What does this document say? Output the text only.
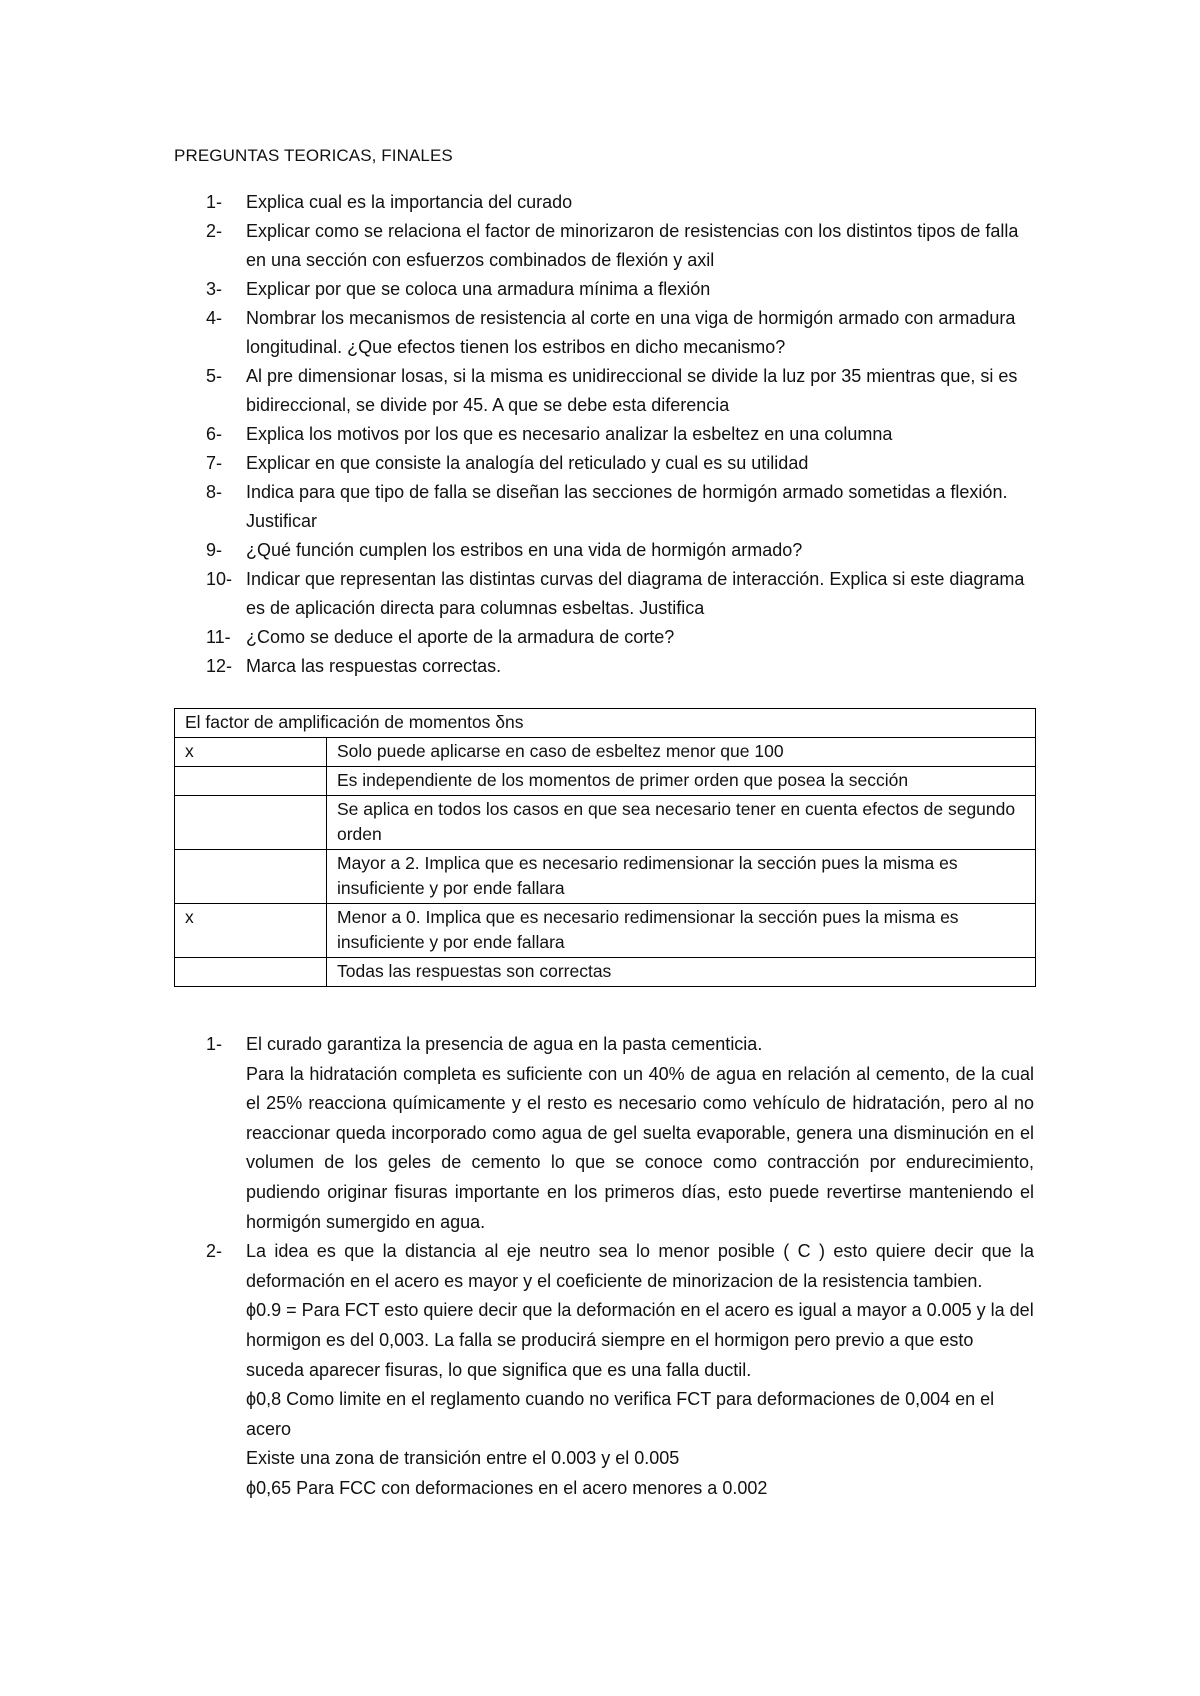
PREGUNTAS TEORICAS, FINALES
1- Explica cual es la importancia del curado
2- Explicar como se relaciona el factor de minorizaron de resistencias con los distintos tipos de falla en una sección con esfuerzos combinados de flexión y axil
3- Explicar por que se coloca una armadura mínima a flexión
4- Nombrar los mecanismos de resistencia al corte en una viga de hormigón armado con armadura longitudinal. ¿Que efectos tienen los estribos en dicho mecanismo?
5- Al pre dimensionar losas, si la misma es unidireccional se divide la luz por 35 mientras que, si es bidireccional, se divide por 45. A que se debe esta diferencia
6- Explica los motivos por los que es necesario analizar la esbeltez en una columna
7- Explicar en que consiste la analogía del reticulado y cual es su utilidad
8- Indica para que tipo de falla se diseñan las secciones de hormigón armado sometidas a flexión. Justificar
9- ¿Qué función cumplen los estribos en una vida de hormigón armado?
10- Indicar que representan las distintas curvas del diagrama de interacción. Explica si este diagrama es de aplicación directa para columnas esbeltas. Justifica
11- ¿Como se deduce el aporte de la armadura de corte?
12- Marca las respuestas correctas.
El factor de amplificación de momentos δns	
x	Solo puede aplicarse en caso de esbeltez menor que 100
	Es independiente de los momentos de primer orden que posea la sección
	Se aplica en todos los casos en que sea necesario tener en cuenta efectos de segundo orden
	Mayor a 2. Implica que es necesario redimensionar la sección pues la misma es insuficiente y por ende fallara
x	Menor a 0. Implica que es necesario redimensionar la sección pues la misma es insuficiente y por ende fallara
	Todas las respuestas son correctas
1- El curado garantiza la presencia de agua en la pasta cementicia.

Para la hidratación completa es suficiente con un 40% de agua en relación al cemento, de la cual el 25% reacciona químicamente y el resto es necesario como vehículo de hidratación, pero al no reaccionar queda incorporado como agua de gel suelta evaporable, genera una disminución en el volumen de los geles de cemento lo que se conoce como contracción por endurecimiento, pudiendo originar fisuras importante en los primeros días, esto puede revertirse manteniendo el hormigón sumergido en agua.

2- La idea es que la distancia al eje neutro sea lo menor posible ( C ) esto quiere decir que la deformación en el acero es mayor y el coeficiente de minorizacion de la resistencia tambien.

ϕ0.9 = Para FCT esto quiere decir que la deformación en el acero es igual a mayor a 0.005 y la del hormigon es del 0,003. La falla se producirá siempre en el hormigon pero previo a que esto suceda aparecer fisuras, lo que significa que es una falla ductil.

ϕ0,8 Como limite en el reglamento cuando no verifica FCT para deformaciones de 0,004 en el acero

Existe una zona de transición entre el 0.003 y el 0.005

ϕ0,65 Para FCC con deformaciones en el acero menores a 0.002
